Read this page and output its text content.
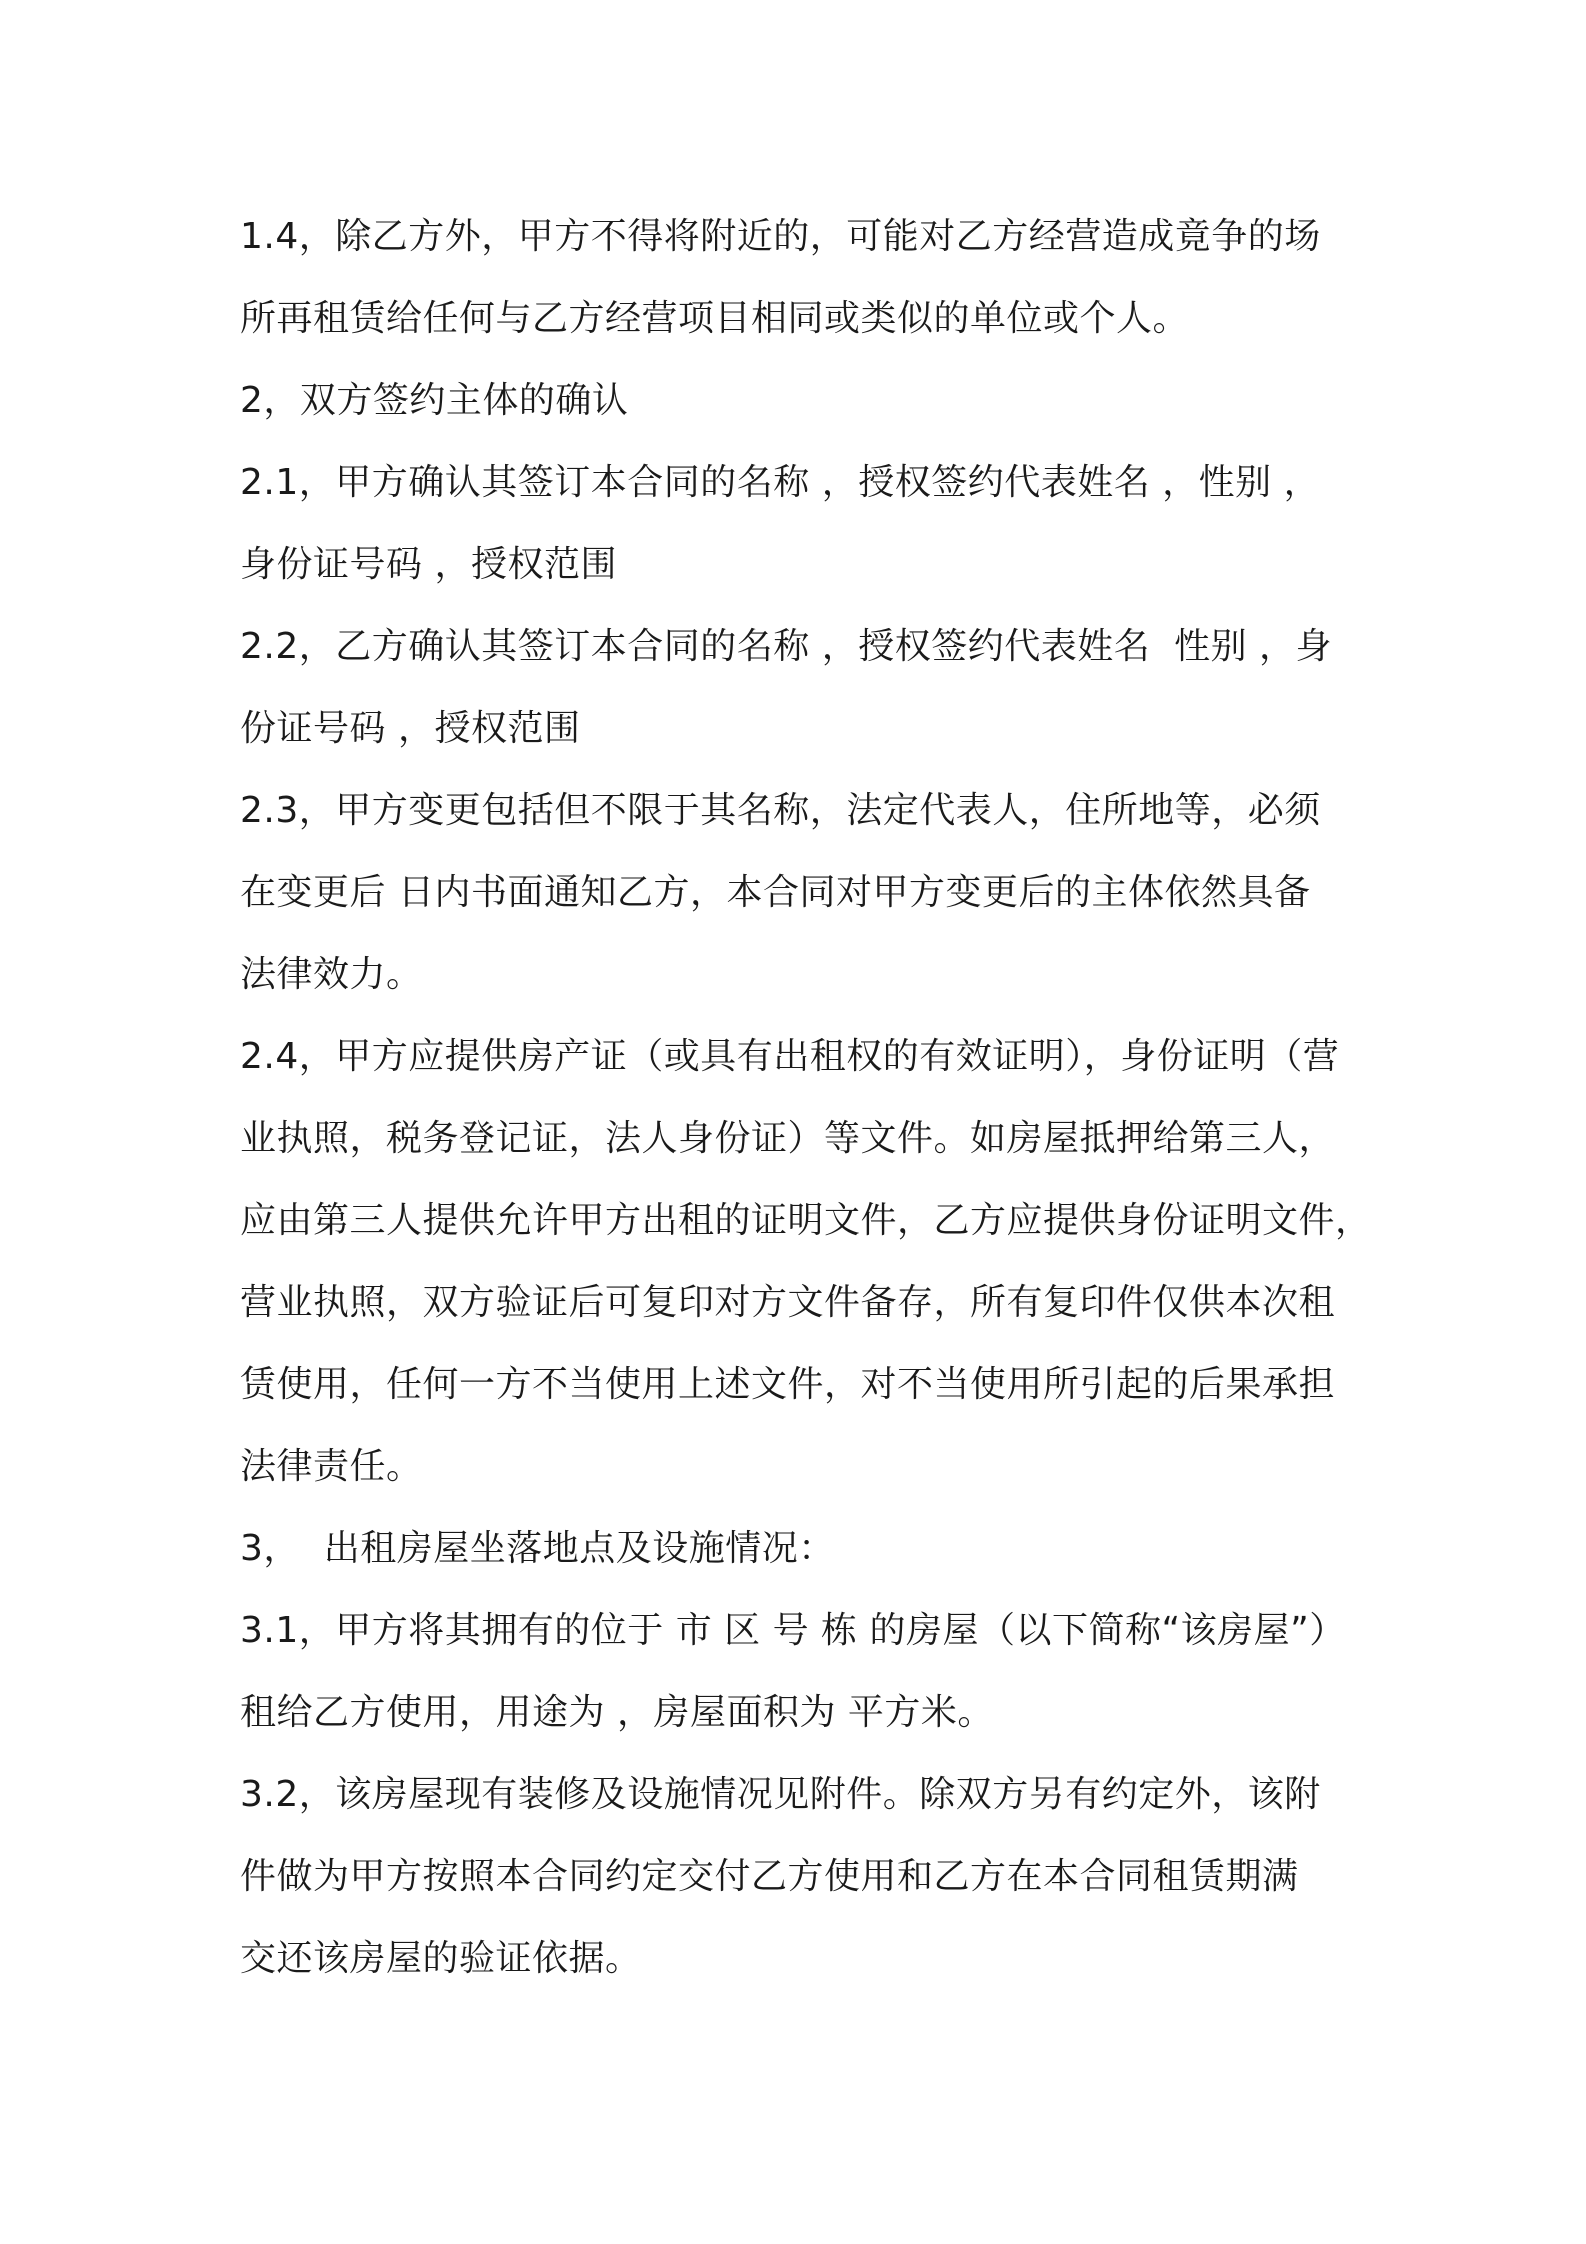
1.4，除乙方外，甲方不得将附近的，可能对乙方经营造成竟争的场
所再租赁给任何与乙方经营项目相同或类似的单位或个人。
2，双方签约主体的确认
2.1，甲方确认其签订本合同的名称 ，授权签约代表姓名 ，性别 ，
身份证号码 ，授权范围
2.2，乙方确认其签订本合同的名称 ，授权签约代表姓名  性别 ，身
份证号码 ，授权范围
2.3，甲方变更包括但不限于其名称，法定代表人，住所地等，必须
在变更后 日内书面通知乙方，本合同对甲方变更后的主体依然具备
法律效力。
2.4，甲方应提供房产证（或具有出租权的有效证明），身份证明（营
业执照，税务登记证，法人身份证）等文件。如房屋抵押给第三人，
应由第三人提供允许甲方出租的证明文件，乙方应提供身份证明文件，
营业执照，双方验证后可复印对方文件备存，所有复印件仅供本次租
赁使用，任何一方不当使用上述文件，对不当使用所引起的后果承担
法律责任。
3，  出租房屋坐落地点及设施情况：
3.1，甲方将其拥有的位于 市 区 号 栋 的房屋（以下简称“该房屋”）
租给乙方使用，用途为 ，房屋面积为 平方米。
3.2，该房屋现有装修及设施情况见附件。除双方另有约定外，该附
件做为甲方按照本合同约定交付乙方使用和乙方在本合同租赁期满
交还该房屋的验证依据。
